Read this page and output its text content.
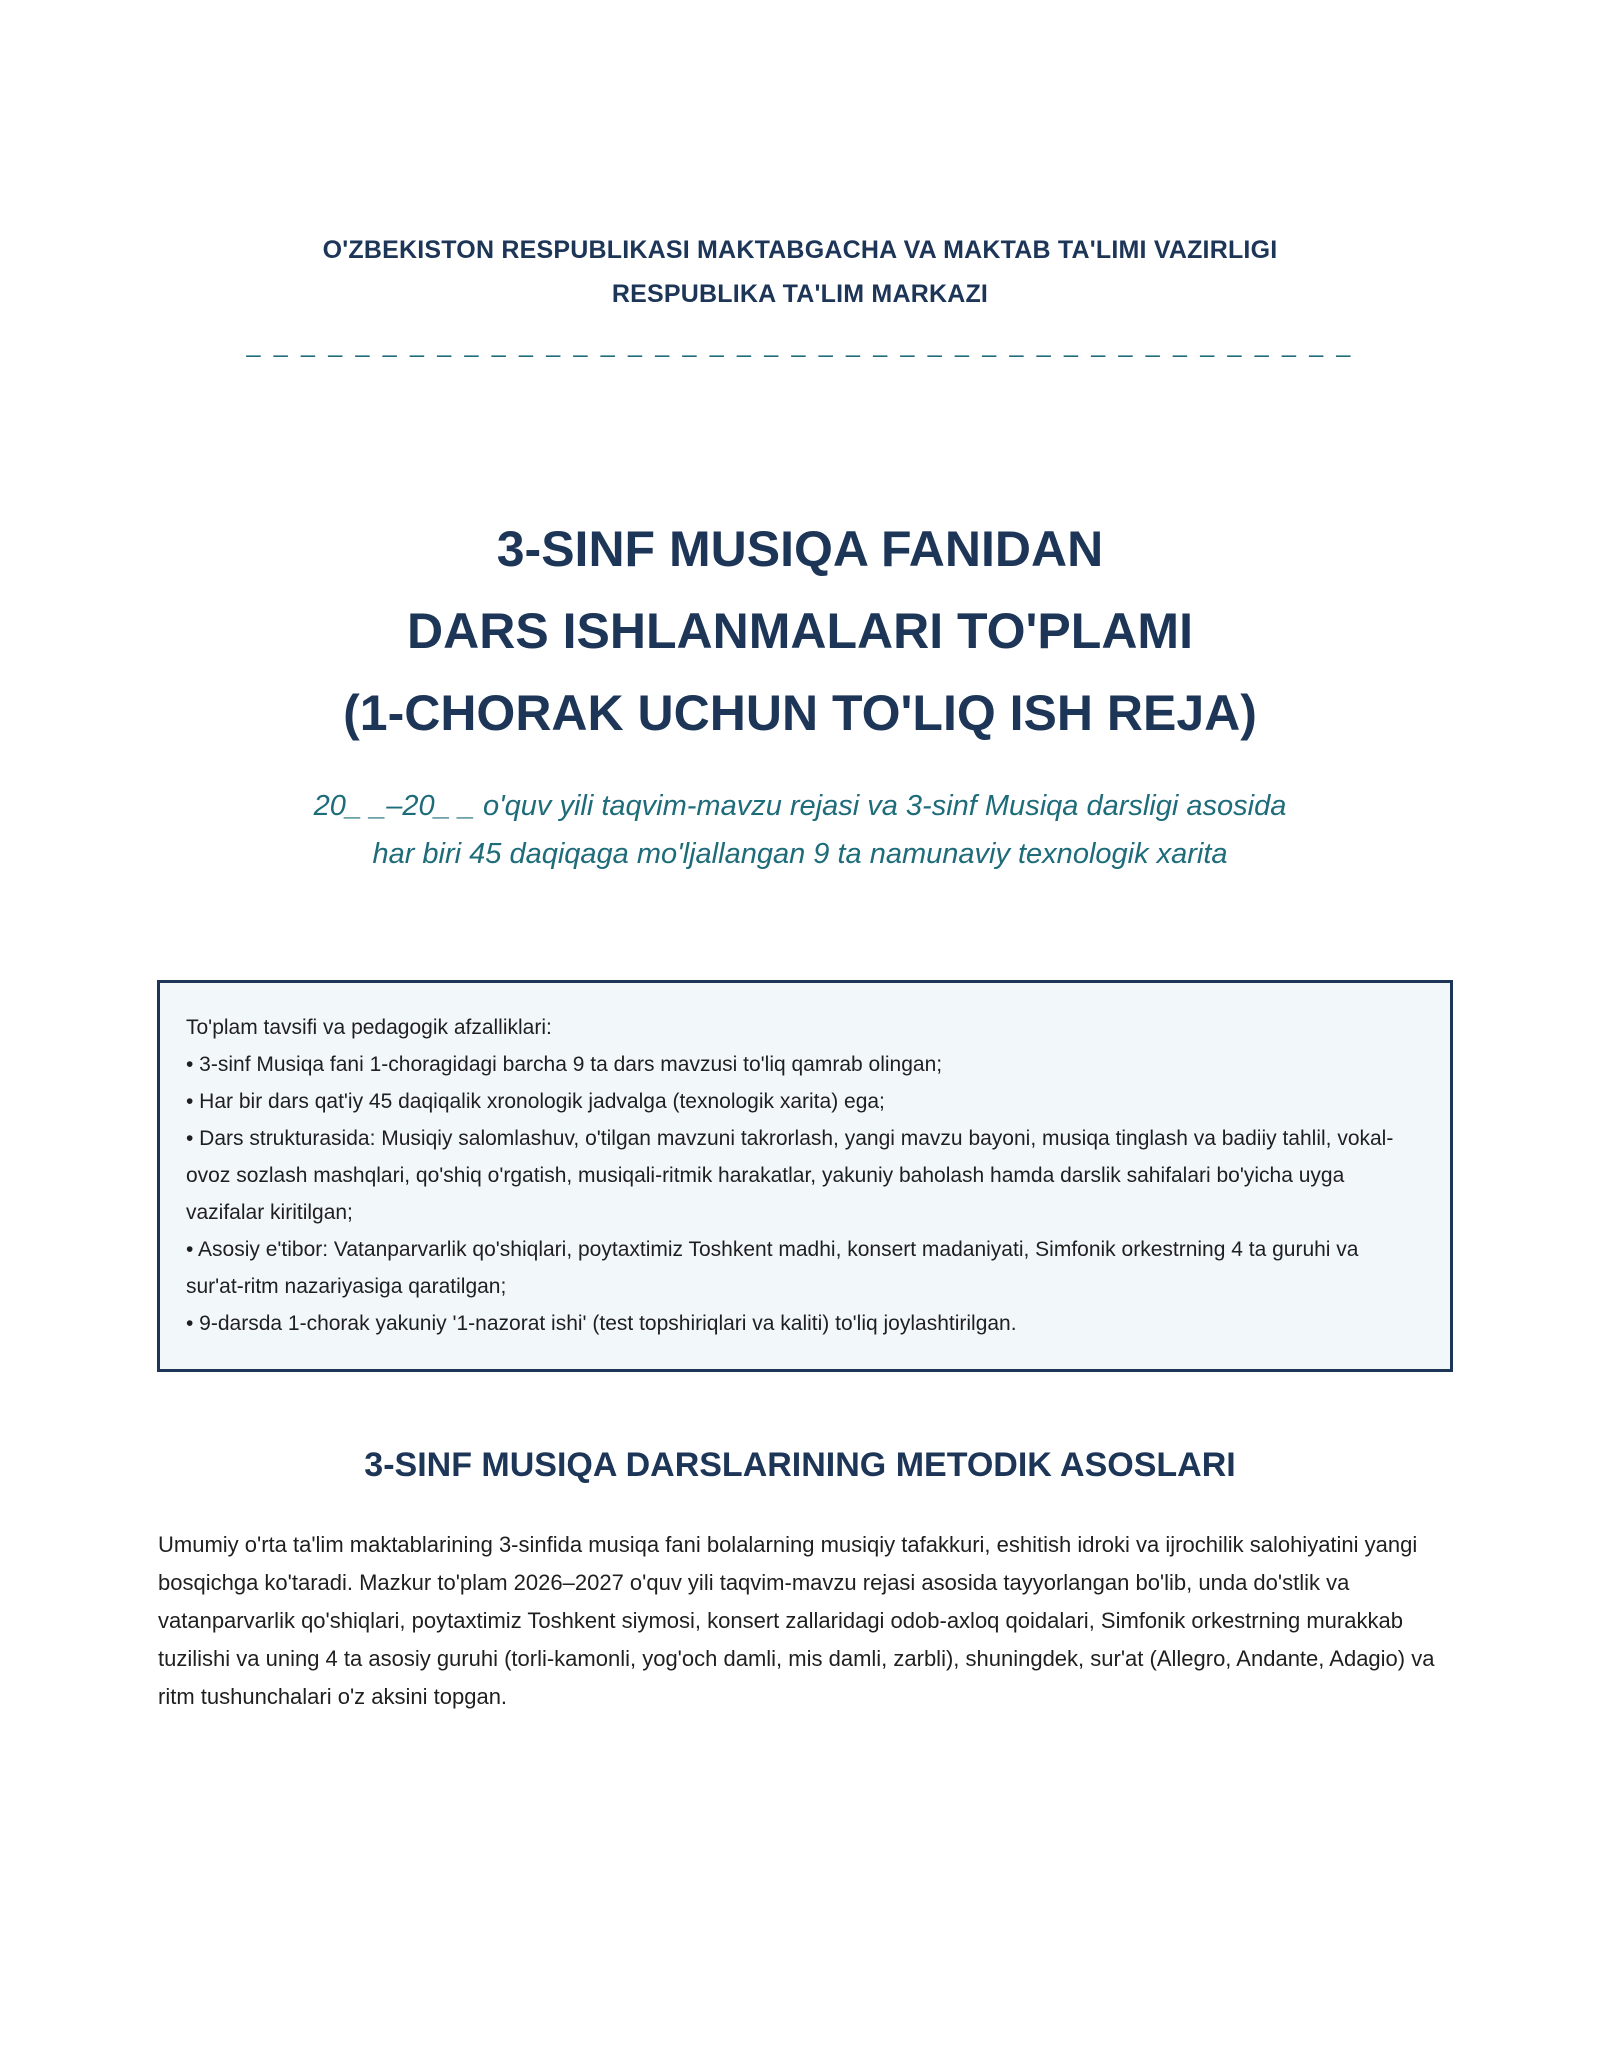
O'ZBEKISTON RESPUBLIKASI MAKTABGACHA VA MAKTAB TA'LIMI VAZIRLIGI
RESPUBLIKA TA'LIM MARKAZI
_ _ _ _ _ _ _ _ _ _ _ _ _ _ _ _ _ _ _ _ _ _ _ _ _ _ _ _ _ _ _ _ _ _ _ _ _ _ _ _ _
3-SINF MUSIQA FANIDAN
DARS ISHLANMALARI TO'PLAMI
(1-CHORAK UCHUN TO'LIQ ISH REJA)
20_ _–20_ _ o'quv yili taqvim-mavzu rejasi va 3-sinf Musiqa darsligi asosida
har biri 45 daqiqaga mo'ljallangan 9 ta namunaviy texnologik xarita

To'plam tavsifi va pedagogik afzalliklari:

• 3-sinf Musiqa fani 1-choragidagi barcha 9 ta dars mavzusi to'liq qamrab olingan;

• Har bir dars qat'iy 45 daqiqalik xronologik jadvalga (texnologik xarita) ega;

• Dars strukturasida: Musiqiy salomlashuv, o'tilgan mavzuni takrorlash, yangi mavzu bayoni, musiqa tinglash va badiiy tahlil, vokal-ovoz sozlash mashqlari, qo'shiq o'rgatish, musiqali-ritmik harakatlar, yakuniy baholash hamda darslik sahifalari bo'yicha uyga vazifalar kiritilgan;

• Asosiy e'tibor: Vatanparvarlik qo'shiqlari, poytaxtimiz Toshkent madhi, konsert madaniyati, Simfonik orkestrning 4 ta guruhi va sur'at-ritm nazariyasiga qaratilgan;

• 9-darsda 1-chorak yakuniy '1-nazorat ishi' (test topshiriqlari va kaliti) to'liq joylashtirilgan.

3-SINF MUSIQA DARSLARINING METODIK ASOSLARI

Umumiy o'rta ta'lim maktablarining 3-sinfida musiqa fani bolalarning musiqiy tafakkuri, eshitish idroki va ijrochilik salohiyatini yangi bosqichga ko'taradi. Mazkur to'plam 2026–2027 o'quv yili taqvim-mavzu rejasi asosida tayyorlangan bo'lib, unda do'stlik va vatanparvarlik qo'shiqlari, poytaxtimiz Toshkent siymosi, konsert zallaridagi odob-axloq qoidalari, Simfonik orkestrning murakkab tuzilishi va uning 4 ta asosiy guruhi (torli-kamonli, yog'och damli, mis damli, zarbli), shuningdek, sur'at (Allegro, Andante, Adagio) va ritm tushunchalari o'z aksini topgan.
